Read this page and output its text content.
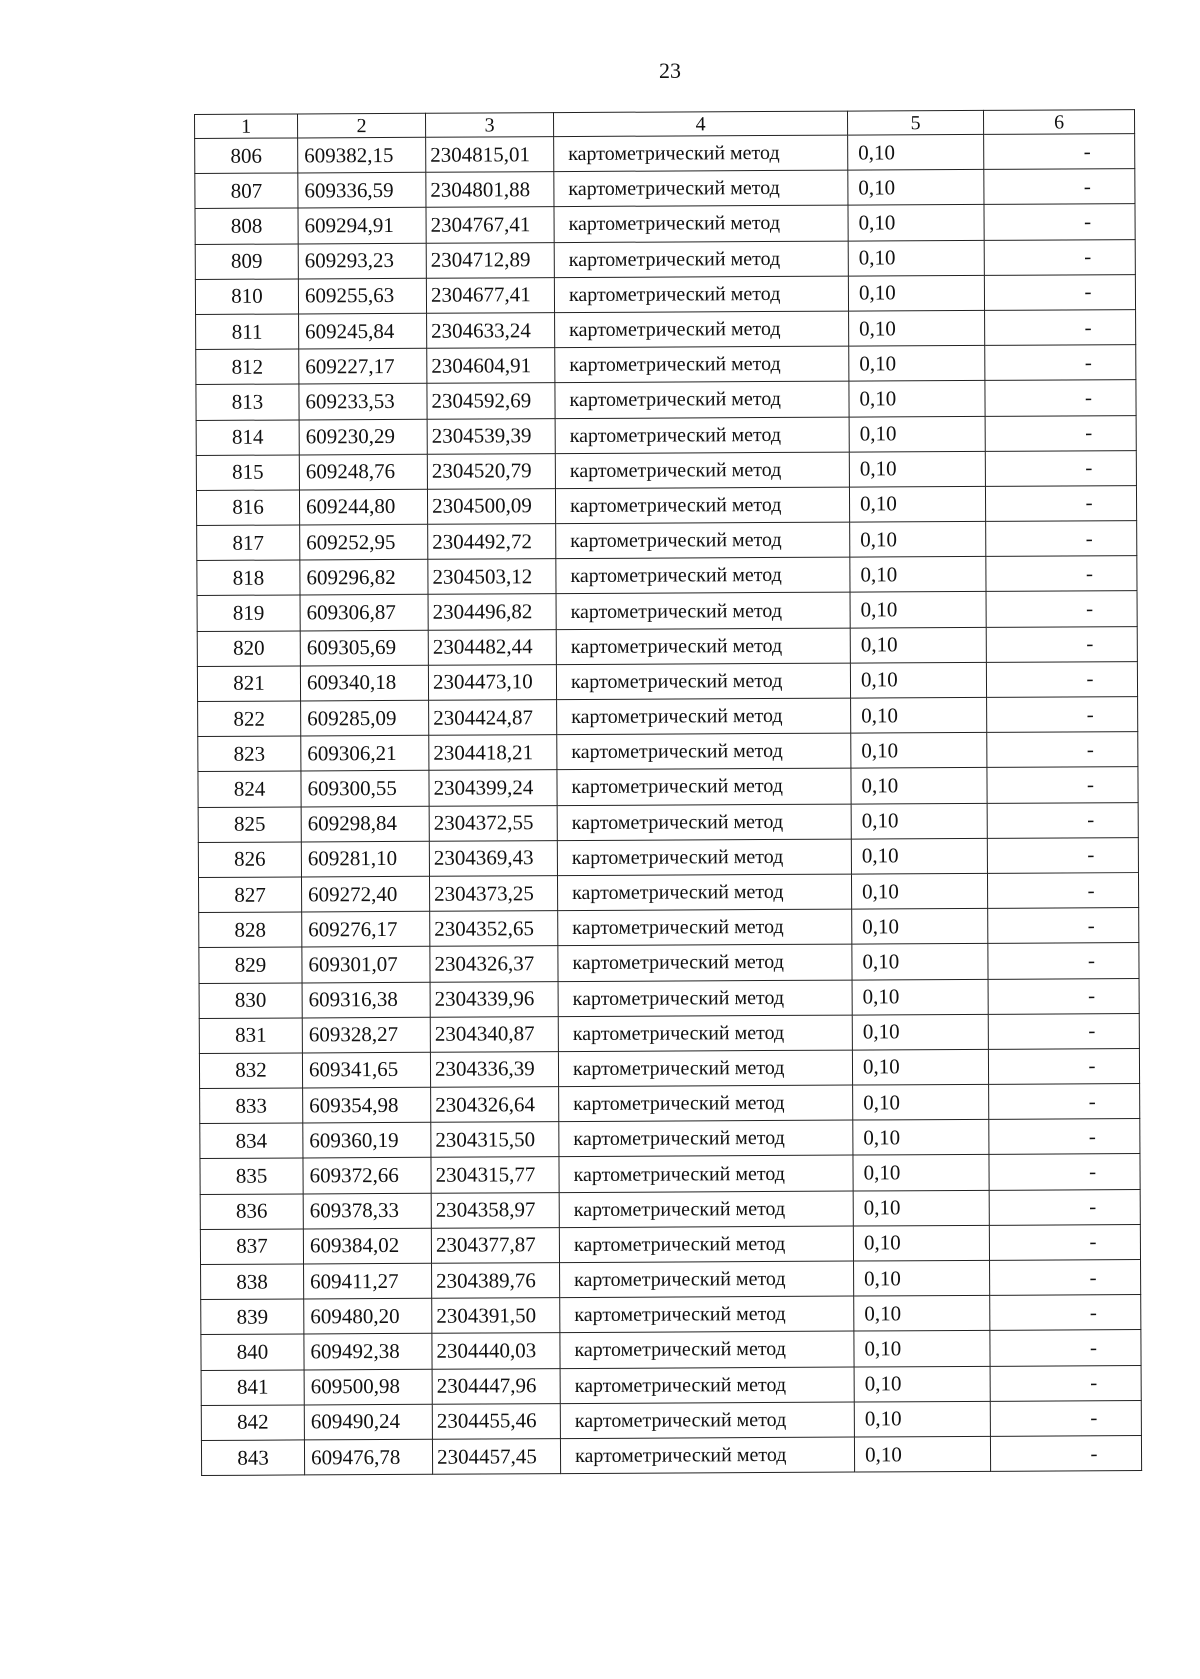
23
1	2	3	4	5	6
806	609382,15	2304815,01	картометрический метод	0,10	-
807	609336,59	2304801,88	картометрический метод	0,10	-
808	609294,91	2304767,41	картометрический метод	0,10	-
809	609293,23	2304712,89	картометрический метод	0,10	-
810	609255,63	2304677,41	картометрический метод	0,10	-
811	609245,84	2304633,24	картометрический метод	0,10	-
812	609227,17	2304604,91	картометрический метод	0,10	-
813	609233,53	2304592,69	картометрический метод	0,10	-
814	609230,29	2304539,39	картометрический метод	0,10	-
815	609248,76	2304520,79	картометрический метод	0,10	-
816	609244,80	2304500,09	картометрический метод	0,10	-
817	609252,95	2304492,72	картометрический метод	0,10	-
818	609296,82	2304503,12	картометрический метод	0,10	-
819	609306,87	2304496,82	картометрический метод	0,10	-
820	609305,69	2304482,44	картометрический метод	0,10	-
821	609340,18	2304473,10	картометрический метод	0,10	-
822	609285,09	2304424,87	картометрический метод	0,10	-
823	609306,21	2304418,21	картометрический метод	0,10	-
824	609300,55	2304399,24	картометрический метод	0,10	-
825	609298,84	2304372,55	картометрический метод	0,10	-
826	609281,10	2304369,43	картометрический метод	0,10	-
827	609272,40	2304373,25	картометрический метод	0,10	-
828	609276,17	2304352,65	картометрический метод	0,10	-
829	609301,07	2304326,37	картометрический метод	0,10	-
830	609316,38	2304339,96	картометрический метод	0,10	-
831	609328,27	2304340,87	картометрический метод	0,10	-
832	609341,65	2304336,39	картометрический метод	0,10	-
833	609354,98	2304326,64	картометрический метод	0,10	-
834	609360,19	2304315,50	картометрический метод	0,10	-
835	609372,66	2304315,77	картометрический метод	0,10	-
836	609378,33	2304358,97	картометрический метод	0,10	-
837	609384,02	2304377,87	картометрический метод	0,10	-
838	609411,27	2304389,76	картометрический метод	0,10	-
839	609480,20	2304391,50	картометрический метод	0,10	-
840	609492,38	2304440,03	картометрический метод	0,10	-
841	609500,98	2304447,96	картометрический метод	0,10	-
842	609490,24	2304455,46	картометрический метод	0,10	-
843	609476,78	2304457,45	картометрический метод	0,10	-
